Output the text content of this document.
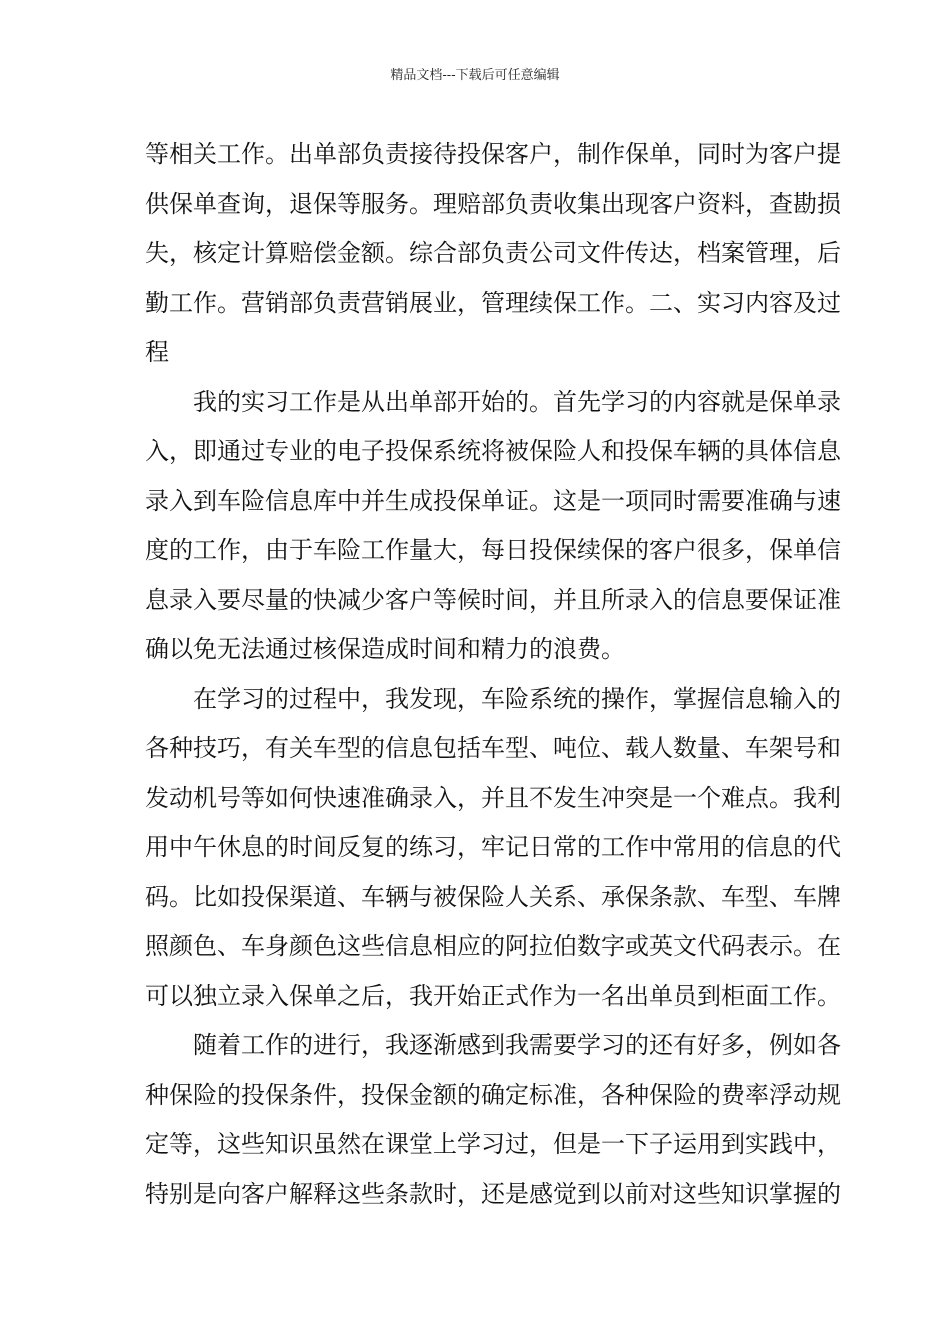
精品文档---下载后可任意编辑
等相关工作。出单部负责接待投保客户，制作保单，同时为客户提
供保单查询，退保等服务。理赔部负责收集出现客户资料，查勘损
失，核定计算赔偿金额。综合部负责公司文件传达，档案管理，后
勤工作。营销部负责营销展业，管理续保工作。二、实习内容及过
程
　　我的实习工作是从出单部开始的。首先学习的内容就是保单录
入，即通过专业的电子投保系统将被保险人和投保车辆的具体信息
录入到车险信息库中并生成投保单证。这是一项同时需要准确与速
度的工作，由于车险工作量大，每日投保续保的客户很多，保单信
息录入要尽量的快减少客户等候时间，并且所录入的信息要保证准
确以免无法通过核保造成时间和精力的浪费。
　　在学习的过程中，我发现，车险系统的操作，掌握信息输入的
各种技巧，有关车型的信息包括车型、吨位、载人数量、车架号和
发动机号等如何快速准确录入，并且不发生冲突是一个难点。我利
用中午休息的时间反复的练习，牢记日常的工作中常用的信息的代
码。比如投保渠道、车辆与被保险人关系、承保条款、车型、车牌
照颜色、车身颜色这些信息相应的阿拉伯数字或英文代码表示。在
可以独立录入保单之后，我开始正式作为一名出单员到柜面工作。
　　随着工作的进行，我逐渐感到我需要学习的还有好多，例如各
种保险的投保条件，投保金额的确定标准，各种保险的费率浮动规
定等，这些知识虽然在课堂上学习过，但是一下子运用到实践中，
特别是向客户解释这些条款时，还是感觉到以前对这些知识掌握的
